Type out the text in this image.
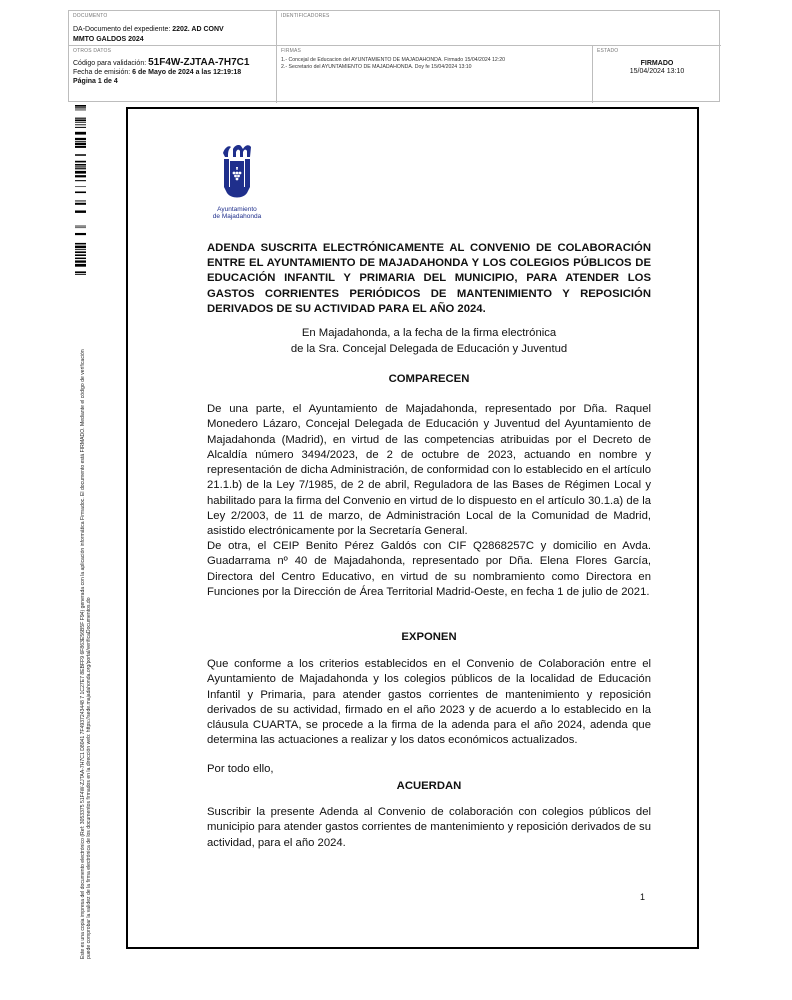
DOCUMENTO
DA-Documento del expediente: 2202. AD CONV
MMTO GALDOS 2024
IDENTIFICADORES
OTROS DATOS
Código para validación: 51F4W-ZJTAA-7H7C1
Fecha de emisión: 6 de Mayo de 2024 a las 12:19:18
Página 1 de 4
FIRMAS
1.- Concejal de Educacion del AYUNTAMIENTO DE MAJADAHONDA. Firmado 15/04/2024 12:20
2.- Secretario del AYUNTAMIENTO DE MAJADAHONDA. Doy fe 15/04/2024 13:10
ESTADO
FIRMADO
15/04/2024 13:10
Este es una copia impresa del documento electrónico (Ref: 3053375 51F4W-ZJTAA-7H7C1 D8041 7F4937243448 7 1C27E7 8EBFF9 6F863E56B5F F94) generada con la aplicación informática Firmadoc. El documento está FIRMADO. Mediante el código de verificación puede comprobar la validez de la firma electrónica de los documentos firmados en la dirección web: https://sede.majadahonda.org/portal/verificaDocumentos.do
Ayuntamiento
de Majadahonda
ADENDA SUSCRITA ELECTRÓNICAMENTE AL CONVENIO DE COLABORACIÓN ENTRE EL AYUNTAMIENTO DE MAJADAHONDA Y LOS COLEGIOS PÚBLICOS DE EDUCACIÓN INFANTIL Y PRIMARIA DEL MUNICIPIO, PARA ATENDER LOS GASTOS CORRIENTES PERIÓDICOS DE MANTENIMIENTO Y REPOSICIÓN DERIVADOS DE SU ACTIVIDAD PARA EL AÑO 2024.
En Majadahonda, a la fecha de la firma electrónica
de la Sra. Concejal Delegada de Educación y Juventud
COMPARECEN
De una parte, el Ayuntamiento de Majadahonda, representado por Dña. Raquel Monedero Lázaro, Concejal Delegada de Educación y Juventud del Ayuntamiento de Majadahonda (Madrid), en virtud de las competencias atribuidas por el Decreto de Alcaldía número 3494/2023, de 2 de octubre de 2023, actuando en nombre y representación de dicha Administración, de conformidad con lo establecido en el artículo 21.1.b) de la Ley 7/1985, de 2 de abril, Reguladora de las Bases de Régimen Local y habilitado para la firma del Convenio en virtud de lo dispuesto en el artículo 30.1.a) de la Ley 2/2003, de 11 de marzo, de Administración Local de la Comunidad de Madrid, asistido electrónicamente por la Secretaría General.
De otra, el CEIP Benito Pérez Galdós con CIF Q2868257C y domicilio en Avda. Guadarrama nº 40 de Majadahonda, representado por Dña. Elena Flores García, Directora del Centro Educativo, en virtud de su nombramiento como Directora en Funciones por la Dirección de Área Territorial Madrid-Oeste, en fecha 1 de julio de 2021.
EXPONEN
Que conforme a los criterios establecidos en el Convenio de Colaboración entre el Ayuntamiento de Majadahonda y los colegios públicos de la localidad de Educación Infantil y Primaria, para atender gastos corrientes de mantenimiento y reposición derivados de su actividad, firmado en el año 2023 y de acuerdo a lo establecido en la cláusula CUARTA, se procede a la firma de la adenda para el año 2024, adenda que determina las actuaciones a realizar y los datos económicos actualizados.
Por todo ello,
ACUERDAN
Suscribir la presente Adenda al Convenio de colaboración con colegios públicos del municipio para atender gastos corrientes de mantenimiento y reposición derivados de su actividad, para el año 2024.
1
